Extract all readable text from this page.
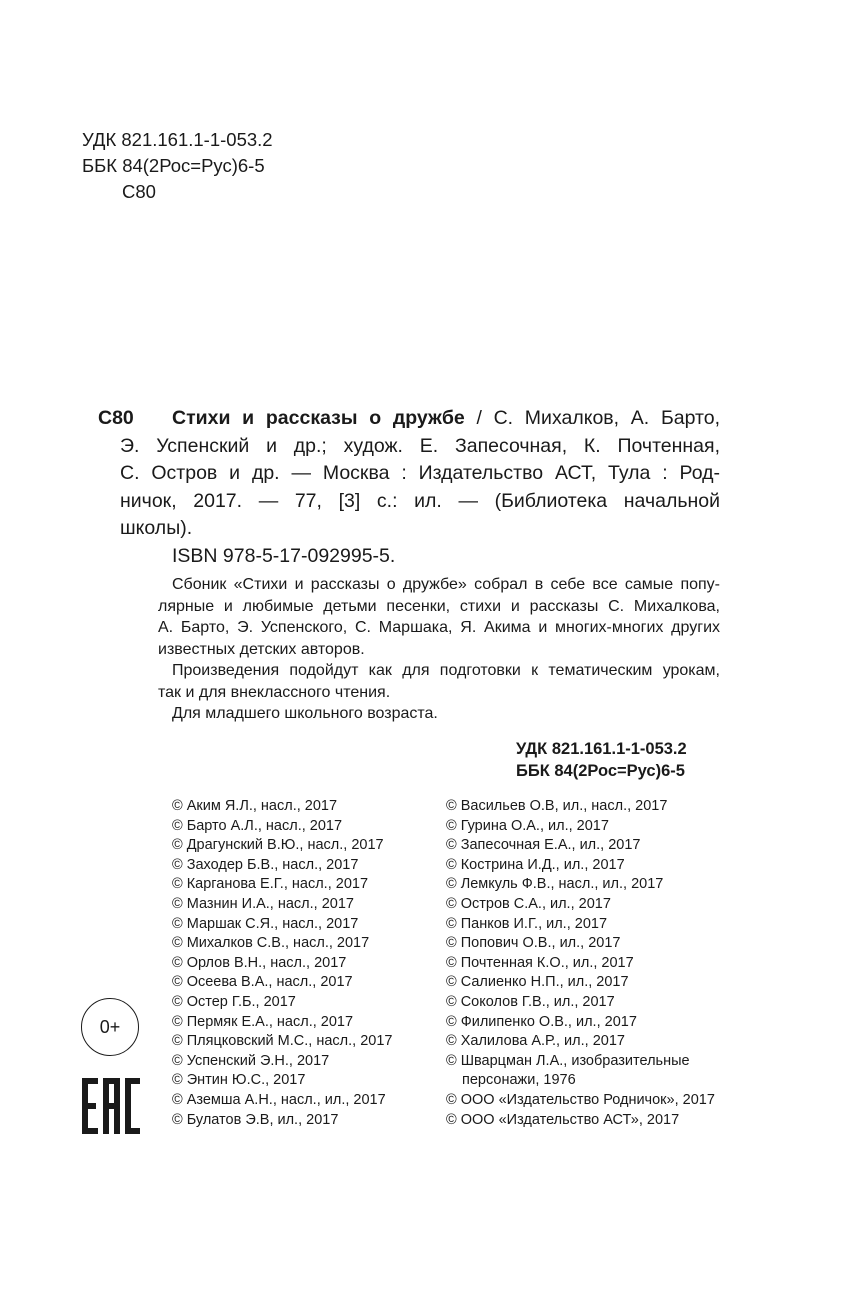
УДК 821.161.1-1-053.2
ББК 84(2Рос=Рус)6-5
С80
С80 Стихи и рассказы о дружбе / С. Михалков, А. Барто,
Э. Успенский и др.; худож. Е. Запесочная, К. Почтенная,
С. Остров и др. — Москва : Издательство АСТ, Тула : Род-
ничок, 2017. — 77, [3] с.: ил. — (Библиотека начальной
школы).
ISBN 978-5-17-092995-5.
Сбоник «Стихи и рассказы о дружбе» собрал в себе все самые попу-
лярные и любимые детьми песенки, стихи и рассказы С. Михалкова,
А. Барто, Э. Успенского, С. Маршака, Я. Акима и многих-многих других
известных детских авторов.
Произведения подойдут как для подготовки к тематическим урокам,
так и для внеклассного чтения.
Для младшего школьного возраста.
УДК 821.161.1-1-053.2
ББК 84(2Рос=Рус)6-5
© Аким Я.Л., насл., 2017
© Барто А.Л., насл., 2017
© Драгунский В.Ю., насл., 2017
© Заходер Б.В., насл., 2017
© Карганова Е.Г., насл., 2017
© Мазнин И.А., насл., 2017
© Маршак С.Я., насл., 2017
© Михалков С.В., насл., 2017
© Орлов В.Н., насл., 2017
© Осеева В.А., насл., 2017
© Остер Г.Б., 2017
© Пермяк Е.А., насл., 2017
© Пляцковский М.С., насл., 2017
© Успенский Э.Н., 2017
© Энтин Ю.С., 2017
© Аземша А.Н., насл., ил., 2017
© Булатов Э.В, ил., 2017
© Васильев О.В, ил., насл., 2017
© Гурина О.А., ил., 2017
© Запесочная Е.А., ил., 2017
© Кострина И.Д., ил., 2017
© Лемкуль Ф.В., насл., ил., 2017
© Остров С.А., ил., 2017
© Панков И.Г., ил., 2017
© Попович О.В., ил., 2017
© Почтенная К.О., ил., 2017
© Салиенко Н.П., ил., 2017
© Соколов Г.В., ил., 2017
© Филипенко О.В., ил., 2017
© Халилова А.Р., ил., 2017
© Шварцман Л.А., изобразительные
персонажи, 1976
© ООО «Издательство Родничок», 2017
© ООО «Издательство АСТ», 2017
0+
